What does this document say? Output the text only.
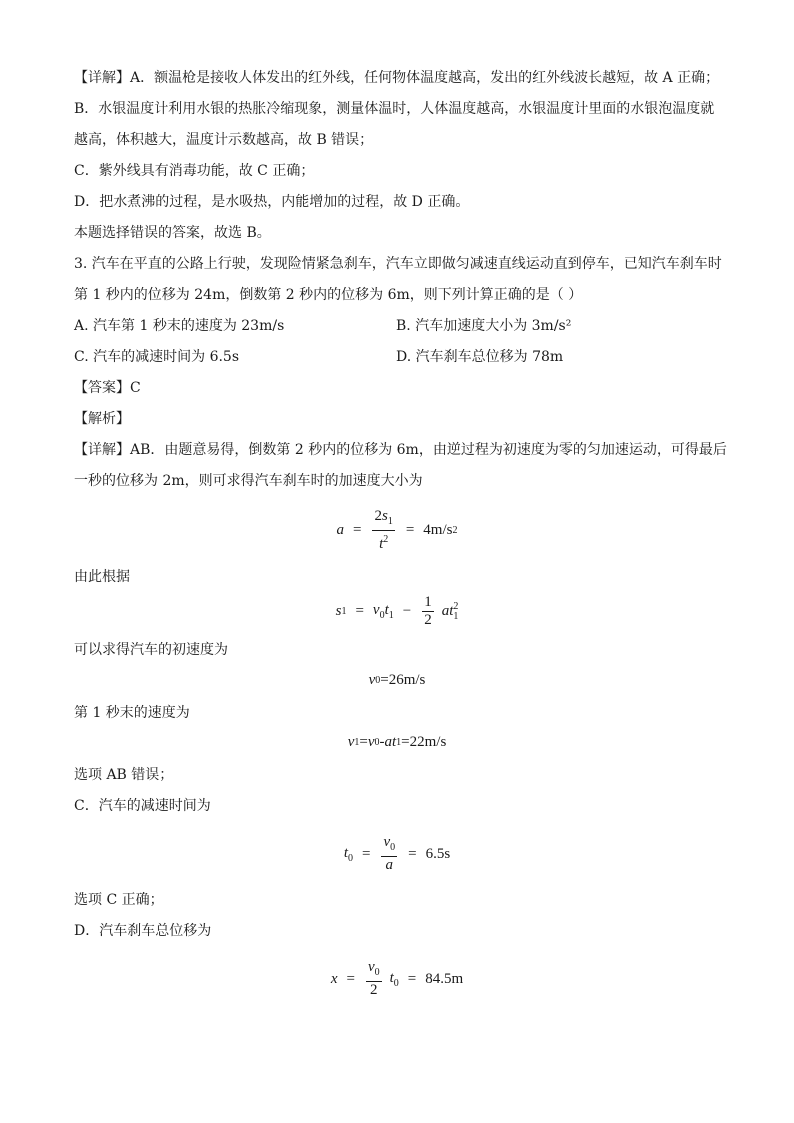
【详解】A．额温枪是接收人体发出的红外线，任何物体温度越高，发出的红外线波长越短，故 A 正确；
B．水银温度计利用水银的热胀冷缩现象，测量体温时，人体温度越高，水银温度计里面的水银泡温度就
越高，体积越大，温度计示数越高，故 B 错误；
C．紫外线具有消毒功能，故 C 正确；
D．把水煮沸的过程，是水吸热，内能增加的过程，故 D 正确。
本题选择错误的答案，故选 B。
3. 汽车在平直的公路上行驶，发现险情紧急刹车，汽车立即做匀减速直线运动直到停车，已知汽车刹车时
第 1 秒内的位移为 24m，倒数第 2 秒内的位移为 6m，则下列计算正确的是（ ）
A. 汽车第 1 秒末的速度为 23m/s	B. 汽车加速度大小为 3m/s²
C. 汽车的减速时间为 6.5s	D. 汽车刹车总位移为 78m
【答案】C
【解析】
【详解】AB．由题意易得，倒数第 2 秒内的位移为 6m，由逆过程为初速度为零的匀加速运动，可得最后
一秒的位移为 2m，则可求得汽车刹车时的加速度大小为
$a = \frac{2s_1}{t^2} = 4m/s$ 2
由此根据
s $1 = v_0t_1 - \frac{1}{2} at_1^2$
可以求得汽车的初速度为
v 0 =26m/s
第 1 秒末的速度为
v 1 = v 0 - at 1 =22m/s
选项 AB 错误；
C．汽车的减速时间为
$t_0 = \frac{v_0}{a} = 6.5s$
选项 C 正确；
D．汽车刹车总位移为
$x = \frac{v_0}{2} t_0 = 84.5m$
